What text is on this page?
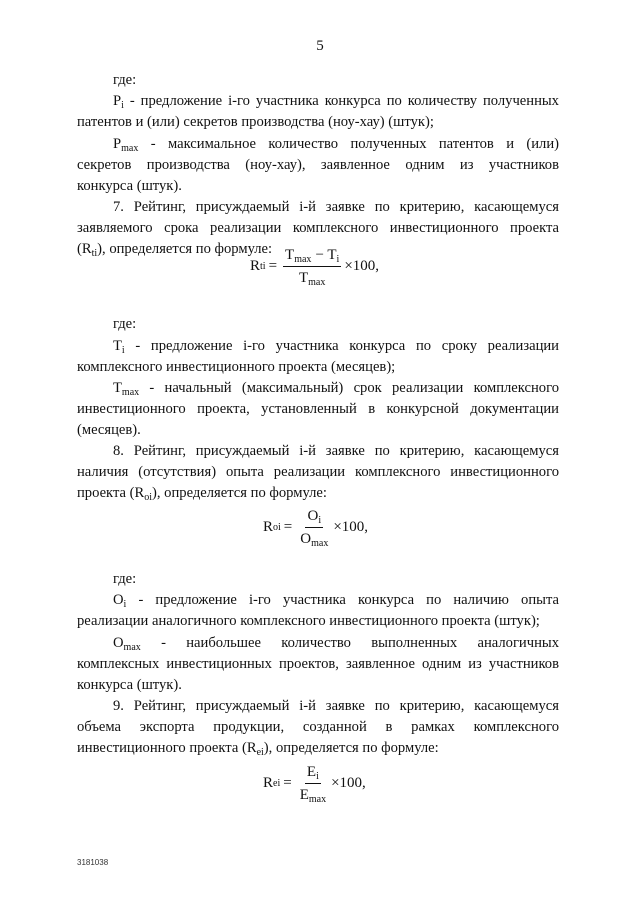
5
где:
$P_i$ - предложение i-го участника конкурса по количеству полученных
патентов и (или) секретов производства (ноу-хау) (штук);
$P_{max}$ - максимальное количество полученных патентов и (или)
секретов производства (ноу-хау), заявленное одним из участников
конкурса (штук).
7. Рейтинг, присуждаемый i-й заявке по критерию, касающемуся
заявляемого срока реализации комплексного инвестиционного проекта
$(R_{ti})$, определяется по формуле:
R ti = $\frac{T_{max} - T_i}{T_{max}} \times 100$,
где:
$T_i$ - предложение i-го участника конкурса по сроку реализации
комплексного инвестиционного проекта (месяцев);
$T_{max}$ - начальный (максимальный) срок реализации комплексного
инвестиционного проекта, установленный в конкурсной документации
(месяцев).
8. Рейтинг, присуждаемый i-й заявке по критерию, касающемуся
наличия (отсутствия) опыта реализации комплексного инвестиционного
проекта $(R_{oi})$, определяется по формуле:
R oi = $\frac{O_i}{O_{max}} \times 100$,
где:
$O_i$ - предложение i-го участника конкурса по наличию опыта
реализации аналогичного комплексного инвестиционного проекта (штук);
$O_{max}$ - наибольшее количество выполненных аналогичных
комплексных инвестиционных проектов, заявленное одним из участников
конкурса (штук).
9. Рейтинг, присуждаемый i-й заявке по критерию, касающемуся
объема экспорта продукции, созданной в рамках комплексного
инвестиционного проекта $(R_{ei})$, определяется по формуле:
R ei = $\frac{E_i}{E_{max}} \times 100$,
3181038
